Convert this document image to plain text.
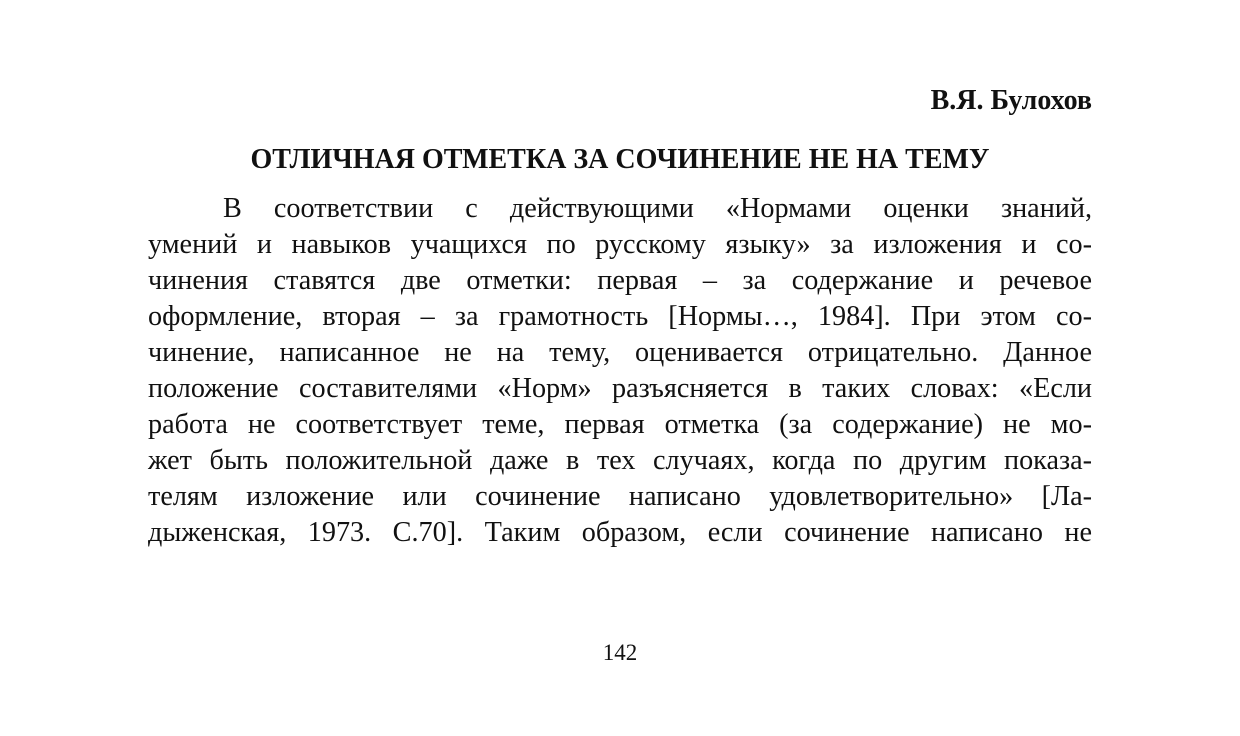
В.Я. Булохов
ОТЛИЧНАЯ ОТМЕТКА ЗА СОЧИНЕНИЕ НЕ НА ТЕМУ
В соответствии с действующими «Нормами оценки знаний,
умений и навыков учащихся по русскому языку» за изложения и со-
чинения ставятся две отметки: первая – за содержание и речевое
оформление, вторая – за грамотность [Нормы…, 1984]. При этом со-
чинение, написанное не на тему, оценивается отрицательно. Данное
положение составителями «Норм» разъясняется в таких словах: «Если
работа не соответствует теме, первая отметка (за содержание) не мо-
жет быть положительной даже в тех случаях, когда по другим показа-
телям изложение или сочинение написано удовлетворительно» [Ла-
дыженская, 1973. С.70]. Таким образом, если сочинение написано не
142
